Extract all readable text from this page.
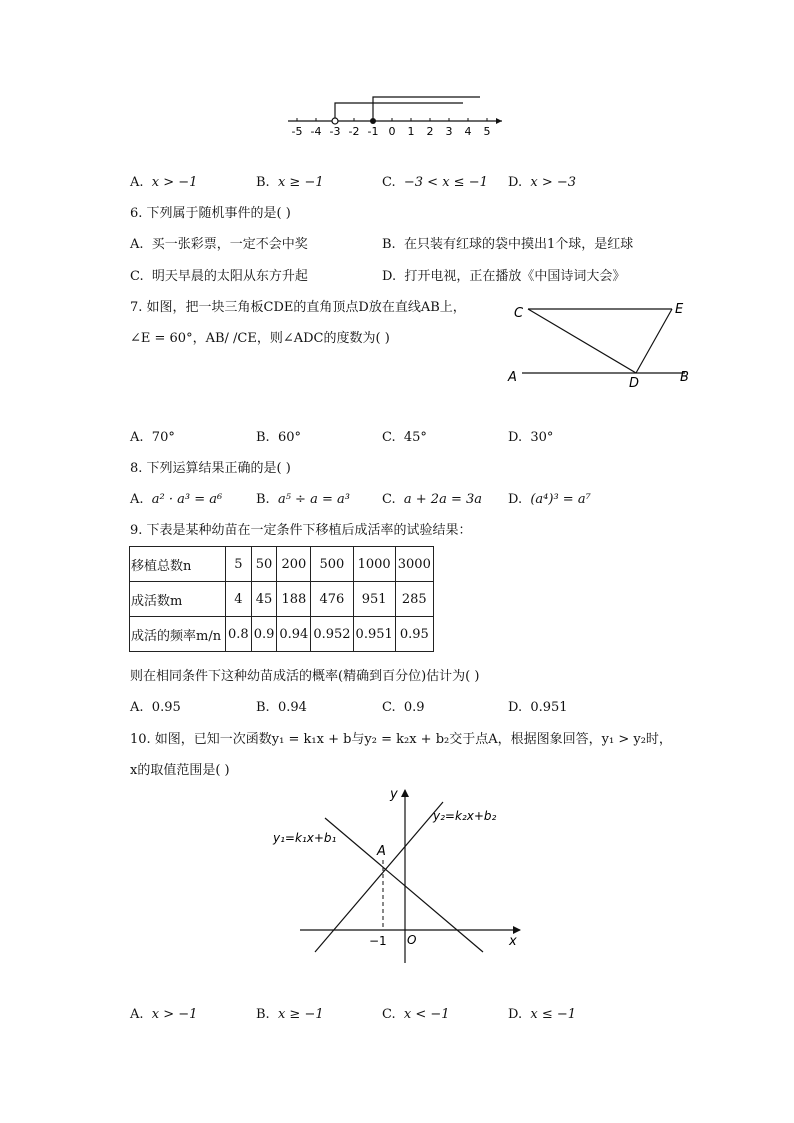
-5 -4 -3 -2 -1 0 1 2 3 4 5
A. x > −1	B. x ≥ −1	C. −3 < x ≤ −1 D. x > −3
6. 下列属于随机事件的是( )
A. 买一张彩票，一定不会中奖	B. 在只装有红球的袋中摸出1个球，是红球
C. 明天早晨的太阳从东方升起	D. 打开电视，正在播放《中国诗词大会》
7. 如图，把一块三角板CDE的直角顶点D放在直线AB上，
∠E = 60°，AB/ /CE，则∠ADC的度数为( )
C	E
A	D	B
A. 70°	B. 60°	C. 45°	D. 30°
8. 下列运算结果正确的是( )
A. a² · a³ = a⁶	B. a⁵ ÷ a = a³ C. a + 2a = 3a D. (a⁴)³ = a⁷
9. 下表是某种幼苗在一定条件下移植后成活率的试验结果：
移植总数n	5	50	200	500	1000	3000
成活数m	4	45	188	476	951	285
成活的频率m/n	0.8	0.9	0.94	0.952	0.951	0.95
则在相同条件下这种幼苗成活的概率(精确到百分位)估计为( )
A. 0.95	B. 0.94	C. 0.9	D. 0.951
10. 如图，已知一次函数y₁ = k₁x + b与y₂ = k₂x + b₂交于点A，根据图象回答，y₁ > y₂时，
x的取值范围是( )
y
x
O
−1
A
y₁=k₁x+b₁
y₂=k₂x+b₂
A. x > −1	B. x ≥ −1	C. x < −1	D. x ≤ −1
